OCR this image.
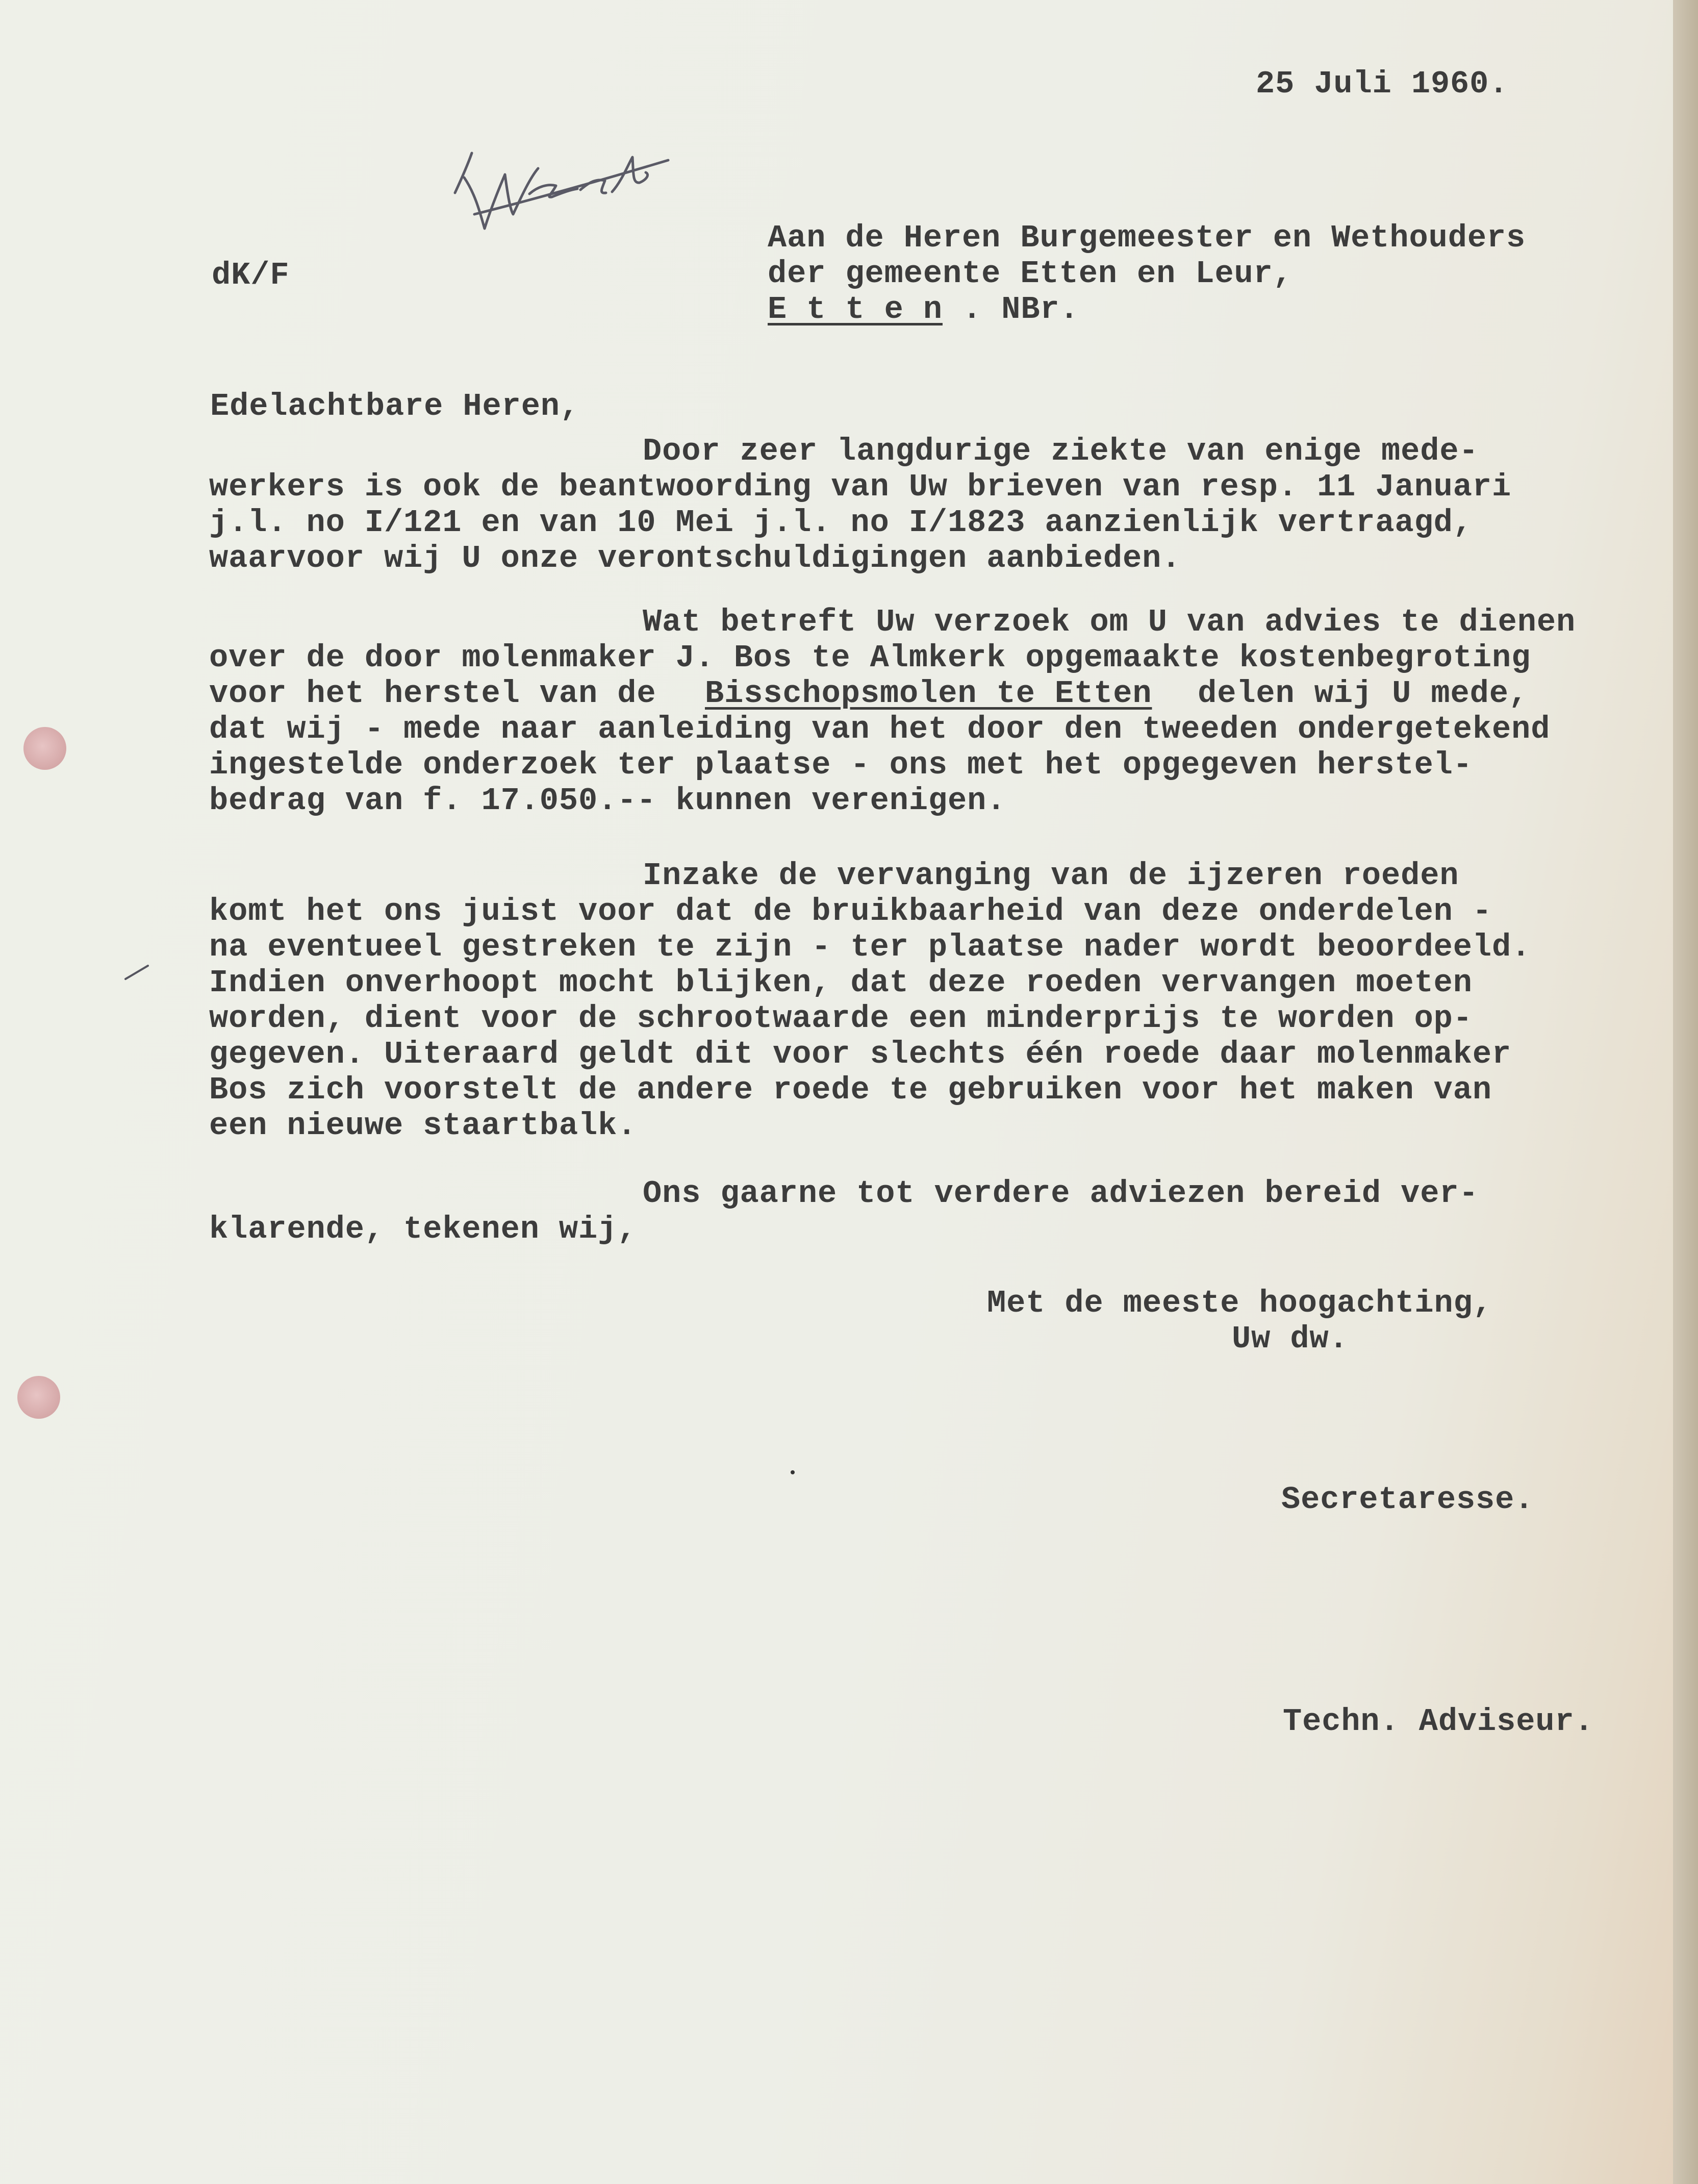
25 Juli 1960.
dK/F
Aan de Heren Burgemeester en Wethouders
der gemeente Etten en Leur,
E t t e n . NBr.
Edelachtbare Heren,
Door zeer langdurige ziekte van enige mede-
werkers is ook de beantwoording van Uw brieven van resp. 11 Januari
j.l. no I/121 en van 10 Mei j.l. no I/1823 aanzienlijk vertraagd,
waarvoor wij U onze verontschuldigingen aanbieden.
Wat betreft Uw verzoek om U van advies te dienen
over de door molenmaker J. Bos te Almkerk opgemaakte kostenbegroting
voor het herstel van de Bisschopsmolen te Etten delen wij U mede,
dat wij - mede naar aanleiding van het door den tweeden ondergetekend
ingestelde onderzoek ter plaatse - ons met het opgegeven herstel-
bedrag van f. 17.050.-- kunnen verenigen.
Inzake de vervanging van de ijzeren roeden
komt het ons juist voor dat de bruikbaarheid van deze onderdelen -
na eventueel gestreken te zijn - ter plaatse nader wordt beoordeeld.
Indien onverhoopt mocht blijken, dat deze roeden vervangen moeten
worden, dient voor de schrootwaarde een minderprijs te worden op-
gegeven. Uiteraard geldt dit voor slechts één roede daar molenmaker
Bos zich voorstelt de andere roede te gebruiken voor het maken van
een nieuwe staartbalk.
Ons gaarne tot verdere adviezen bereid ver-
klarende, tekenen wij,
Met de meeste hoogachting,
Uw dw.
Secretaresse.
Techn. Adviseur.
